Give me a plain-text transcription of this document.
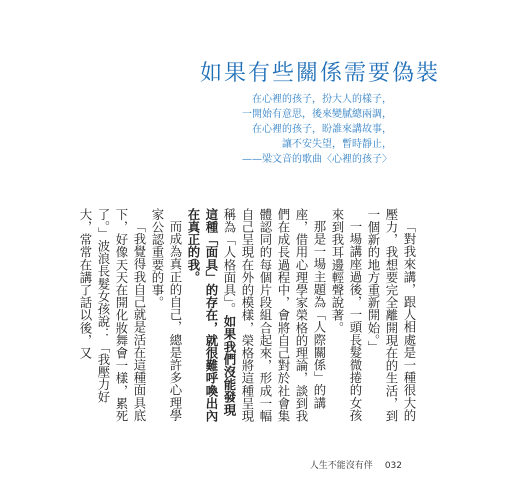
如果有些關係需要偽裝
在心裡的孩子，扮大人的樣子，
一開始有意思，後來變膩總兩調，
在心裡的孩子，盼誰來講故事，
讓不安失望，暫時靜止，
——梁文音的歌曲〈心裡的孩子〉

「對我來講，跟人相處是一種很大的壓力，我想要完全離開現在的生活，到一個新的地方重新開始。」

一場講座過後，一頭長髮微捲的女孩來到我耳邊輕聲說著。

那是一場主題為「人際關係」的講座，借用心理學家榮格的理論，談到我們在成長過程中，會將自己對於社會集體認同的每個片段組合起來，形成一幅自己呈現在外的模樣，榮格將這種呈現稱為「人格面具」。如果我們沒能發現這種「面具」的存在，就很難呼喚出內在真正的我。

而成為真正的自己，總是許多心理學家公認重要的事。

「我覺得我自己就是活在這種面具底下，好像天天在開化妝舞會一樣，累死了。」波浪長髮女孩說：「我壓力好大，常常在講了話以後，又

人生不能沒有伴 032
